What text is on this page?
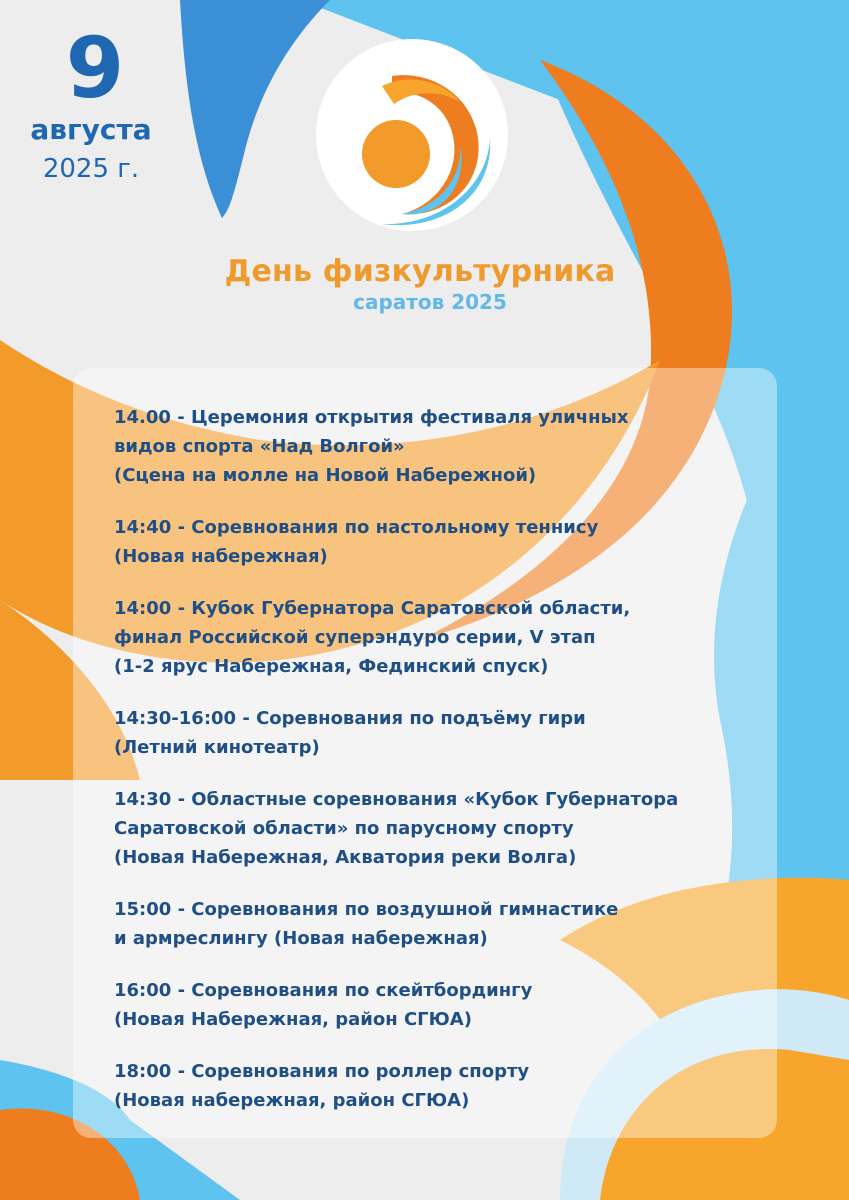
9
августа
2025 г.
День физкультурника
саратов 2025
14.00 - Церемония открытия фестиваля уличных
видов спорта «Над Волгой»
(Сцена на молле на Новой Набережной)
14:40 - Соревнования по настольному теннису
(Новая набережная)
14:00 - Кубок Губернатора Саратовской области,
финал Российской суперэндуро серии, V этап
(1-2 ярус Набережная, Фединский спуск)
14:30-16:00 - Соревнования по подъёму гири
(Летний кинотеатр)
14:30 - Областные соревнования «Кубок Губернатора
Саратовской области» по парусному спорту
(Новая Набережная, Акватория реки Волга)
15:00 - Соревнования по воздушной гимнастике
и армреслингу (Новая набережная)
16:00 - Соревнования по скейтбордингу
(Новая Набережная, район СГЮА)
18:00 - Соревнования по роллер спорту
(Новая набережная, район СГЮА)
